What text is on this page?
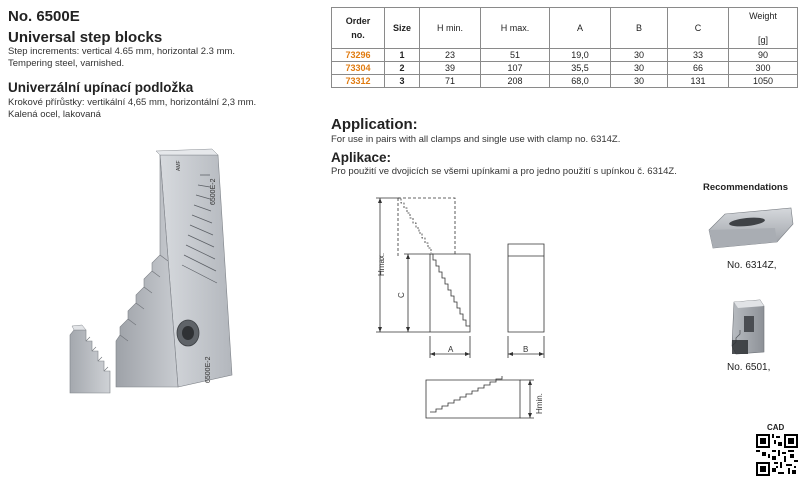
No. 6500E
Universal step blocks
Step increments: vertical 4.65 mm, horizontal 2.3 mm.
Tempering steel, varnished.
Univerzální upínací podložka
Krokové přírůstky: vertikální 4,65 mm, horizontální 2,3 mm.
Kalená ocel, lakovaná
6500E-2
AMF
6500E-2
Order
no.	Size	H min.	H max.	A	B	C	Weight
[g]

73296	1	23	51	19,0	30	33	90
73304	2	39	107	35,5	30	66	300
73312	3	71	208	68,0	30	131	1050
Application:
For use in pairs with all clamps and single use with clamp no. 6314Z.
Aplikace:
Pro použití ve dvojicích se všemi upínkami a pro jedno použití s upínkou č. 6314Z.
Hmax.
C
A	B
Hmin.
Recommendations
No. 6314Z,
No. 6501,
CAD
